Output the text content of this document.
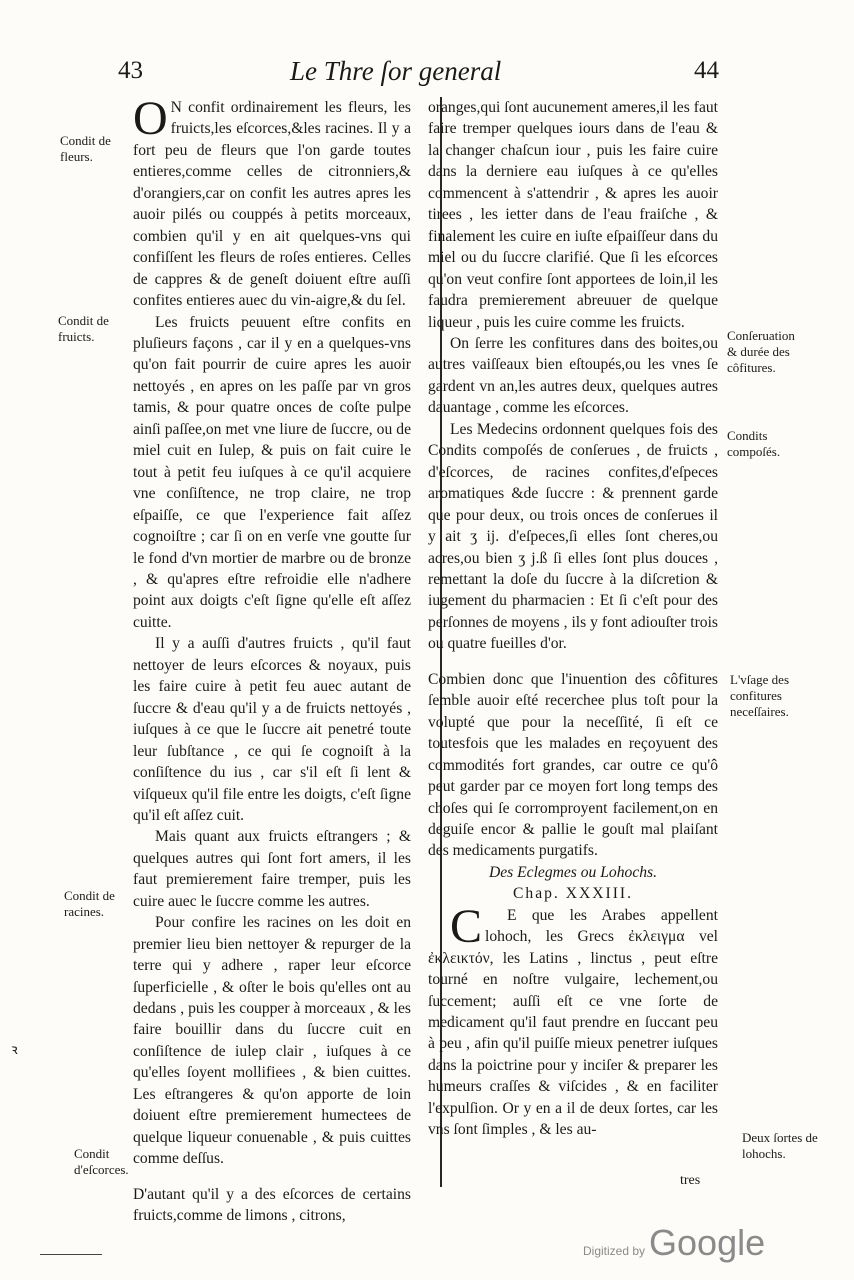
43	Le Thre ſor general	44

O N confit ordinairement les fleurs, les fruicts,les eſcorces,&les racines. Il y a fort peu de fleurs que l'on garde toutes entieres,comme celles de citronniers,& d'orangiers,car on confit les autres apres les auoir pilés ou couppés à petits morceaux, combien qu'il y en ait quelques-vns qui confiſſent les fleurs de roſes entieres. Celles de cappres & de geneſt doiuent eſtre auſſi confites entieres auec du vin-aigre,& du ſel.

Les fruicts peuuent eſtre confits en pluſieurs façons , car il y en a quelques-vns qu'on fait pourrir de cuire apres les auoir nettoyés , en apres on les paſſe par vn gros tamis, & pour quatre onces de coſte pulpe ainſi paſſee,on met vne liure de ſuccre, ou de miel cuit en Iulep, & puis on fait cuire le tout à petit feu iuſques à ce qu'il acquiere vne conſiſtence, ne trop claire, ne trop eſpaiſſe, ce que l'experience fait aſſez cognoiſtre ; car ſi on en verſe vne goutte ſur le fond d'vn mortier de marbre ou de bronze , & qu'apres eſtre refroidie elle n'adhere point aux doigts c'eſt ſigne qu'elle eſt aſſez cuitte.

Il y a auſſi d'autres fruicts , qu'il faut nettoyer de leurs eſcorces & noyaux, puis les faire cuire à petit feu auec autant de ſuccre & d'eau qu'il y a de fruicts nettoyés , iuſques à ce que le ſuccre ait penetré toute leur ſubſtance , ce qui ſe cognoiſt à la conſiſtence du ius , car s'il eſt ſi lent & viſqueux qu'il file entre les doigts, c'eſt ſigne qu'il eſt aſſez cuit.

Mais quant aux fruicts eſtrangers ; & quelques autres qui ſont fort amers, il les faut premierement faire tremper, puis les cuire auec le ſuccre comme les autres.

Pour confire les racines on les doit en premier lieu bien nettoyer & repurger de la terre qui y adhere , raper leur eſcorce ſuperficielle , & oſter le bois qu'elles ont au dedans , puis les coupper à morceaux , & les faire bouillir dans du ſuccre cuit en conſiſtence de iulep clair , iuſques à ce qu'elles ſoyent mollifiees , & bien cuittes. Les eſtrangeres & qu'on apporte de loin doiuent eſtre premierement humectees de quelque liqueur conuenable , & puis cuittes comme deſſus.

D'autant qu'il y a des eſcorces de certains fruicts,comme de limons , citrons,

oranges,qui ſont aucunement ameres,il les faut faire tremper quelques iours dans de l'eau & la changer chaſcun iour , puis les faire cuire dans la derniere eau iuſques à ce qu'elles commencent à s'attendrir , & apres les auoir tirees , les ietter dans de l'eau fraiſche , & finalement les cuire en iuſte eſpaiſſeur dans du miel ou du ſuccre clarifié. Que ſi les eſcorces qu'on veut confire ſont apportees de loin,il les faudra premierement abreuuer de quelque liqueur , puis les cuire comme les fruicts.

On ſerre les confitures dans des boites,ou autres vaiſſeaux bien eſtoupés,ou les vnes ſe gardent vn an,les autres deux, quelques autres dauantage , comme les eſcorces.

Les Medecins ordonnent quelques fois des Condits compoſés de conſerues , de fruicts , d'eſcorces, de racines confites,d'eſpeces aromatiques &de ſuccre : & prennent garde que pour deux, ou trois onces de conſerues il y ait ʒ ij. d'eſpeces,ſi elles ſont cheres,ou acres,ou bien ʒ j.ß ſi elles ſont plus douces , remettant la doſe du ſuccre à la diſcretion & iugement du pharmacien : Et ſi c'eſt pour des perſonnes de moyens , ils y font adiouſter trois ou quatre fueilles d'or.

Combien donc que l'inuention des côfitures ſemble auoir eſté recerchee plus toſt pour la volupté que pour la neceſſité, ſi eſt ce toutesfois que les malades en reçoyuent des commodités fort grandes, car outre ce qu'ô peut garder par ce moyen fort long temps des choſes qui ſe corromproyent facilement,on en deguiſe encor & pallie le gouſt mal plaiſant des medicaments purgatifs.

Des Eclegmes ou Lohochs.

Chap. XXXIII.

C E que les Arabes appellent lohoch, les Grecs ἐκλειγμα vel ἐκλεικτόν, les Latins , linctus , peut eſtre tourné en noſtre vulgaire, lechement,ou ſuccement; auſſi eſt ce vne ſorte de medicament qu'il faut prendre en ſuccant peu à peu , afin qu'il puiſſe mieux penetrer iuſques dans la poictrine pour y inciſer & preparer les humeurs craſſes & viſcides , & en faciliter l'expulſion. Or y en a il de deux ſortes, car les vns ſont ſimples , & les au-

Condit de fleurs.
Condit de fruicts.
Condit de racines.
Condit d'eſcorces.
Conſeruation & durée des côfitures.
Condits compoſés.
L'vſage des confitures neceſſaires.
Deux ſortes de lohochs.
tres
ꝛ
Digitized by Google
